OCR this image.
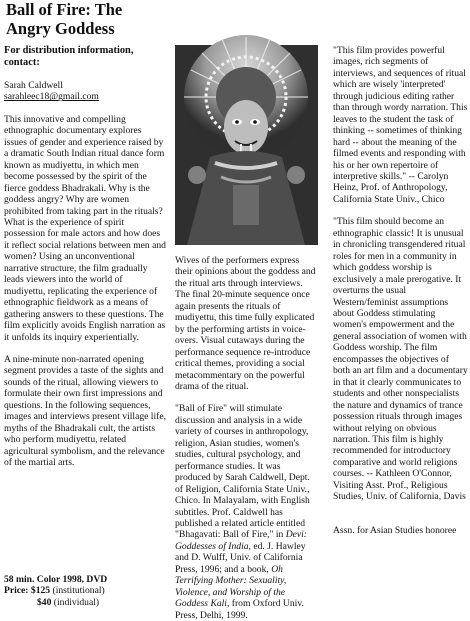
Ball of Fire: The
Angry Goddess

For distribution information,
contact:

Sarah Caldwell

sarahleec18@gmail.com

This innovative and compelling ethnographic documentary explores issues of gender and experience raised by a dramatic South Indian ritual dance form known as mudiyettu, in which men become possessed by the spirit of the fierce goddess Bhadrakali. Why is the goddess angry? Why are women prohibited from taking part in the rituals? What is the experience of spirit possession for male actors and how does it reflect social relations between men and women? Using an unconventional narrative structure, the film gradually leads viewers into the world of mudiyettu, replicating the experience of ethnographic fieldwork as a means of gathering answers to these questions. The film explicitly avoids English narration as it unfolds its inquiry experientially.

A nine-minute non-narrated opening segment provides a taste of the sights and sounds of the ritual, allowing viewers to formulate their own first impressions and questions. In the following sequences, images and interviews present village life, myths of the Bhadrakali cult, the artists who perform mudiyettu, related agricultural symbolism, and the relevance of the martial arts.

58 min. Color 1998, DVD

Price: $125 (institutional)

$40 (individual)

Wives of the performers express their opinions about the goddess and the ritual arts through interviews. The final 20-minute sequence once again presents the rituals of mudiyettu, this time fully explicated by the performing artists in voice-overs. Visual cutaways during the performance sequence re-introduce critical themes, providing a social metacommentary on the powerful drama of the ritual.

"Ball of Fire" will stimulate discussion and analysis in a wide variety of courses in anthropology, religion, Asian studies, women's studies, cultural psychology, and performance studies. It was produced by Sarah Caldwell, Dept. of Religion, California State Univ., Chico. In Malayalam, with English subtitles. Prof. Caldwell has published a related article entitled "Bhagavati: Ball of Fire," in Devi: Goddesses of India, ed. J. Hawley and D. Wulff, Univ. of California Press, 1996; and a book, Oh Terrifying Mother: Sexuality, Violence, and Worship of the Goddess Kali, from Oxford Univ. Press, Delhi, 1999.

"This film provides powerful images, rich segments of interviews, and sequences of ritual which are wisely 'interpreted' through judicious editing rather than through wordy narration. This leaves to the student the task of thinking -- sometimes of thinking hard -- about the meaning of the filmed events and responding with his or her own repertoire of interpretive skills." -- Carolyn Heinz, Prof. of Anthropology, California State Univ., Chico

"This film should become an ethnographic classic! It is unusual in chronicling transgendered ritual roles for men in a community in which goddess worship is exclusively a male prerogative. It overturns the usual Western/feminist assumptions about Goddess stimulating women's empowerment and the general association of women with Goddess worship. The film encompasses the objectives of both an art film and a documentary in that it clearly communicates to students and other nonspecialists the nature and dynamics of trance possession rituals through images without relying on obvious narration. This film is highly recommended for introductory comparative and world religions courses. -- Kathleen O'Connor, Visiting Asst. Prof., Religious Studies, Univ. of California, Davis

Assn. for Asian Studies honoree
